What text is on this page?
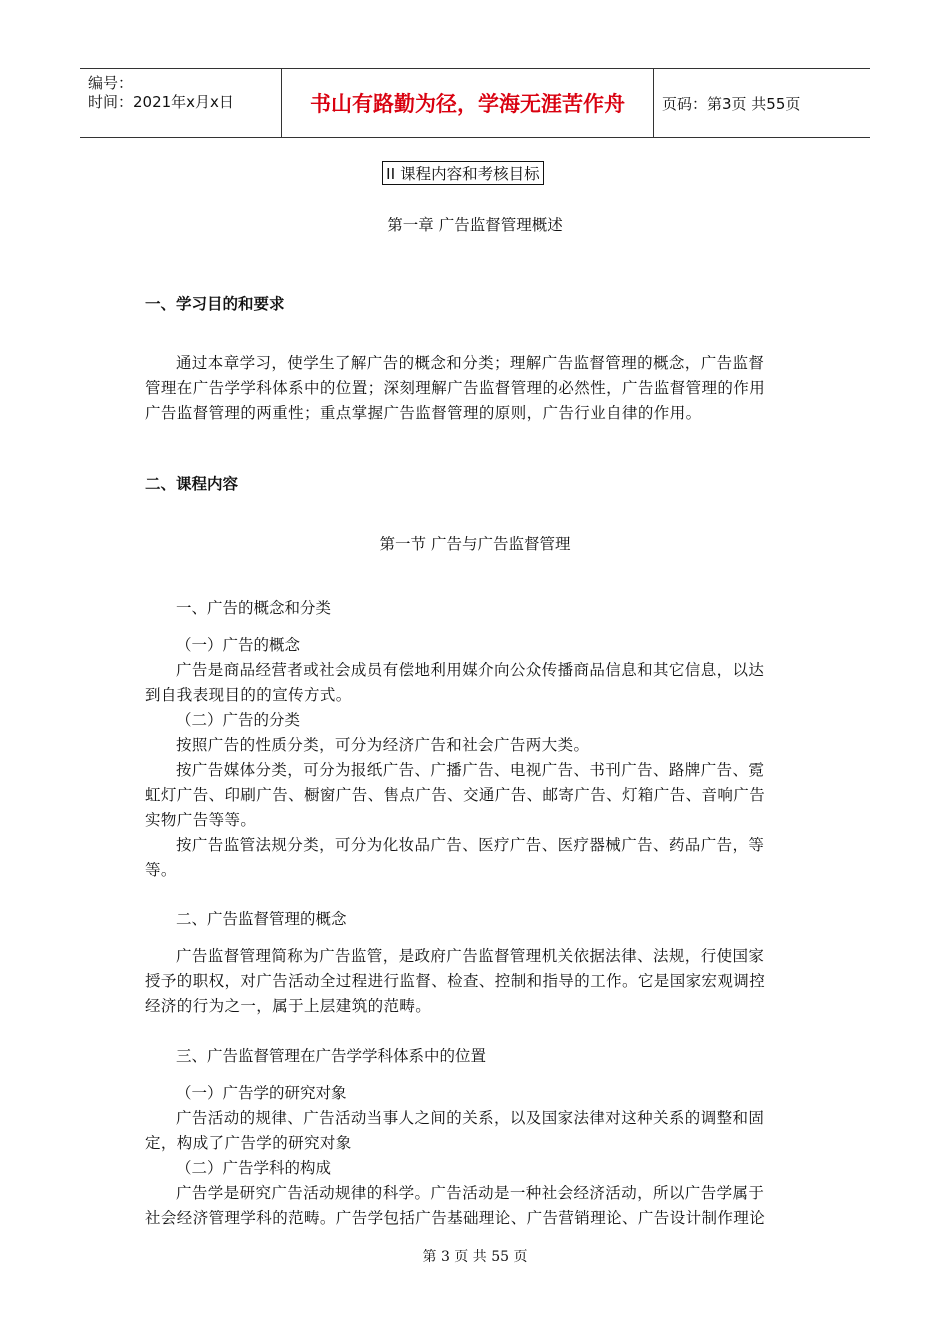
编号：
时间：2021年x月x日	书山有路勤为径，学海无涯苦作舟	页码：第3页 共55页
II 课程内容和考核目标

第一章 广告监督管理概述

一、学习目的和要求

通过本章学习，使学生了解广告的概念和分类；理解广告监督管理的概念，广告监督

管理在广告学学科体系中的位置；深刻理解广告监督管理的必然性，广告监督管理的作用

广告监督管理的两重性；重点掌握广告监督管理的原则，广告行业自律的作用。

二、课程内容

第一节 广告与广告监督管理

一、广告的概念和分类

（一）广告的概念

广告是商品经营者或社会成员有偿地利用媒介向公众传播商品信息和其它信息，以达

到自我表现目的的宣传方式。

（二）广告的分类

按照广告的性质分类，可分为经济广告和社会广告两大类。

按广告媒体分类，可分为报纸广告、广播广告、电视广告、书刊广告、路牌广告、霓

虹灯广告、印刷广告、橱窗广告、售点广告、交通广告、邮寄广告、灯箱广告、音响广告

实物广告等等。

按广告监管法规分类，可分为化妆品广告、医疗广告、医疗器械广告、药品广告，等

等。

二、广告监督管理的概念

广告监督管理简称为广告监管，是政府广告监督管理机关依据法律、法规，行使国家

授予的职权，对广告活动全过程进行监督、检查、控制和指导的工作。它是国家宏观调控

经济的行为之一，属于上层建筑的范畴。

三、广告监督管理在广告学学科体系中的位置

（一）广告学的研究对象

广告活动的规律、广告活动当事人之间的关系，以及国家法律对这种关系的调整和固

定，构成了广告学的研究对象

（二）广告学科的构成

广告学是研究广告活动规律的科学。广告活动是一种社会经济活动，所以广告学属于

社会经济管理学科的范畴。广告学包括广告基础理论、广告营销理论、广告设计制作理论

第 3 页 共 55 页
